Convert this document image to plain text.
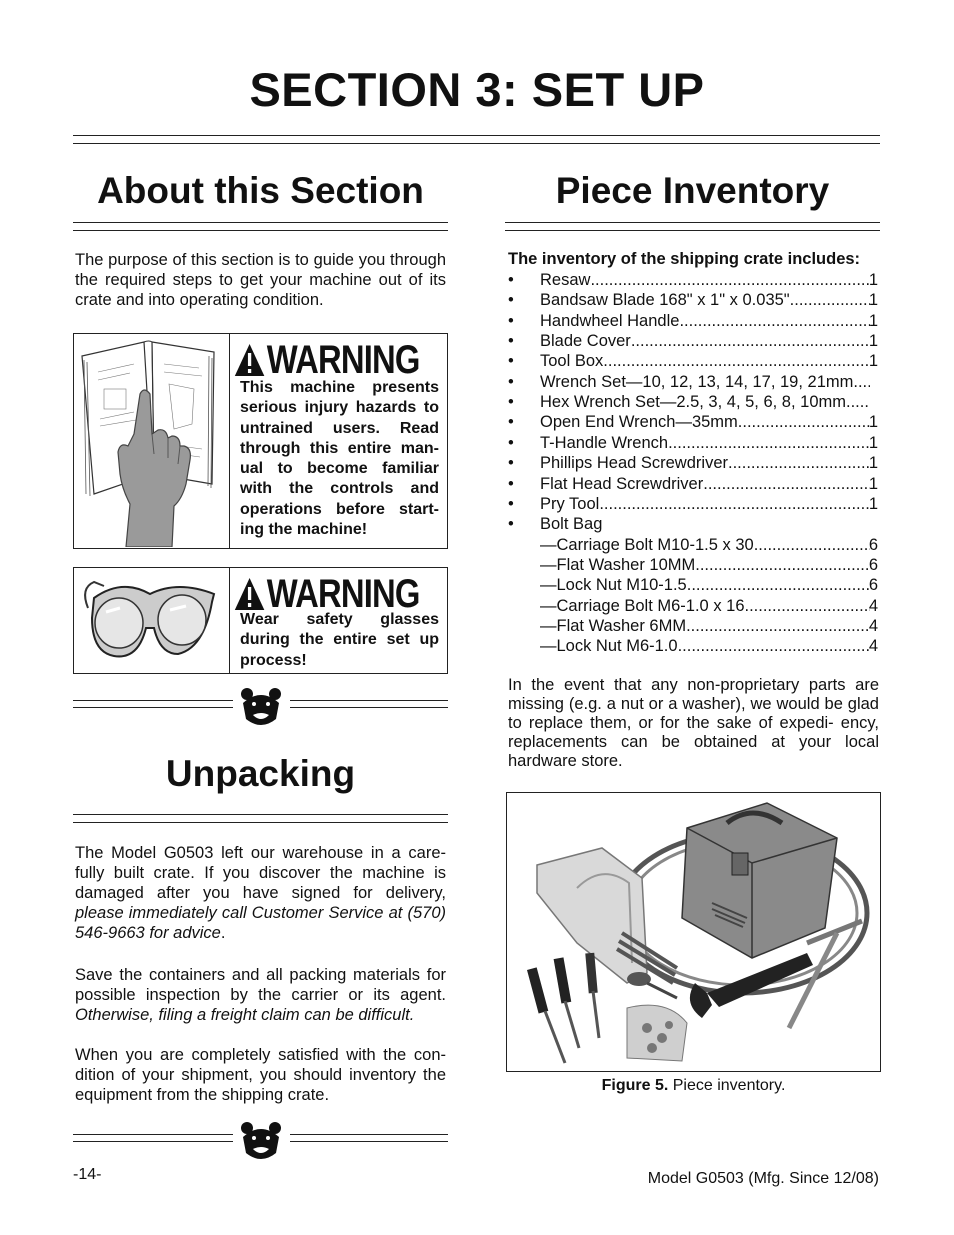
SECTION 3: SET UP
About this Section
The purpose of this section is to guide you through the required steps to get your machine out of its crate and into operating condition.
WARNING
This machine presents serious injury hazards to untrained users. Read through this entire man- ual to become familiar with the controls and operations before start- ing the machine!
WARNING
Wear safety glasses during the entire set up process!
Unpacking
The Model G0503 left our warehouse in a care- fully built crate. If you discover the machine is damaged after you have signed for delivery, please immediately call Customer Service at (570) 546-9663 for advice.
Save the containers and all packing materials for possible inspection by the carrier or its agent. Otherwise, filing a freight claim can be difficult.
When you are completely satisfied with the con- dition of your shipment, you should inventory the equipment from the shipping crate.
Piece Inventory
The inventory of the shipping crate includes:
• Resaw .....	1
• Bandsaw Blade 168" x 1" x 0.035" .....	1
• Handwheel Handle .....	1
• Blade Cover .....	1
• Tool Box .....	1
• Wrench Set—10, 12, 13, 14, 17, 19, 21mm
.....
• Hex Wrench Set—2.5, 3, 4, 5, 6, 8, 10mm
.....
• Open End Wrench—35mm .....	1
• T-Handle Wrench .....	1
• Phillips Head Screwdriver .....	1
• Flat Head Screwdriver .....	1
• Pry Tool .....	1
• Bolt Bag
—Carriage Bolt M10-1.5 x 30 .....	6
—Flat Washer 10MM .....	6
—Lock Nut M10-1.5 .....	6
—Carriage Bolt M6-1.0 x 16 .....	4
—Flat Washer 6MM .....	4
—Lock Nut M6-1.0 .....	4
In the event that any non-proprietary parts are missing (e.g. a nut or a washer), we would be glad to replace them, or for the sake of expedi- ency, replacements can be obtained at your local hardware store.
Figure 5. Piece inventory.
-14-	Model G0503 (Mfg. Since 12/08)
